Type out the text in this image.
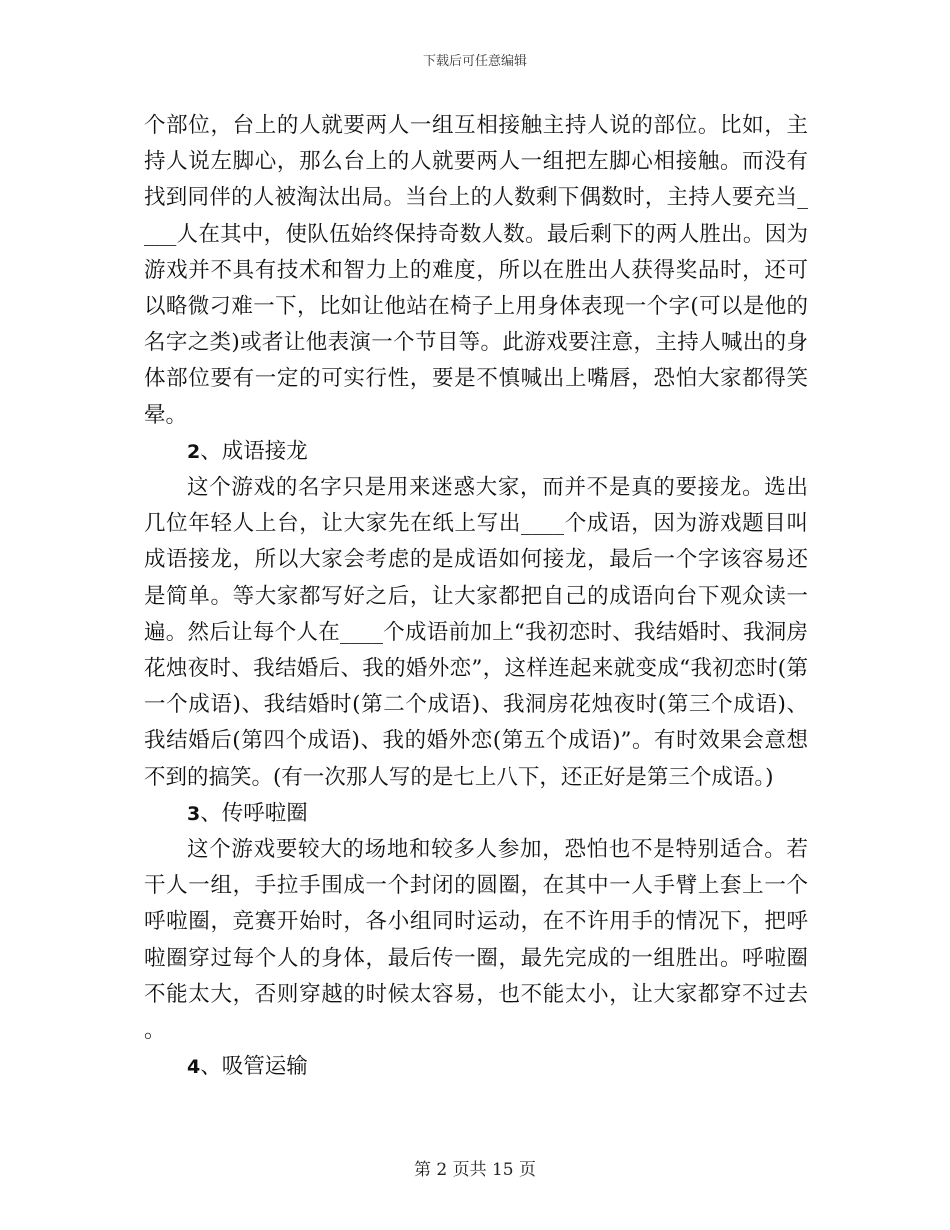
下载后可任意编辑

个部位，台上的人就要两人一组互相接触主持人说的部位。比如，主持人说左脚心，那么台上的人就要两人一组把左脚心相接触。而没有找到同伴的人被淘汰出局。当台上的人数剩下偶数时，主持人要充当____人在其中，使队伍始终保持奇数人数。最后剩下的两人胜出。因为游戏并不具有技术和智力上的难度，所以在胜出人获得奖品时，还可以略微刁难一下，比如让他站在椅子上用身体表现一个字(可以是他的名字之类)或者让他表演一个节目等。此游戏要注意，主持人喊出的身体部位要有一定的可实行性，要是不慎喊出上嘴唇，恐怕大家都得笑晕。

2、成语接龙

这个游戏的名字只是用来迷惑大家，而并不是真的要接龙。选出几位年轻人上台，让大家先在纸上写出____个成语，因为游戏题目叫成语接龙，所以大家会考虑的是成语如何接龙，最后一个字该容易还是简单。等大家都写好之后，让大家都把自己的成语向台下观众读一遍。然后让每个人在____个成语前加上“我初恋时、我结婚时、我洞房花烛夜时、我结婚后、我的婚外恋”，这样连起来就变成“我初恋时(第一个成语)、我结婚时(第二个成语)、我洞房花烛夜时(第三个成语)、我结婚后(第四个成语)、我的婚外恋(第五个成语)”。有时效果会意想不到的搞笑。(有一次那人写的是七上八下，还正好是第三个成语。)

3、传呼啦圈

这个游戏要较大的场地和较多人参加，恐怕也不是特别适合。若干人一组，手拉手围成一个封闭的圆圈，在其中一人手臂上套上一个呼啦圈，竞赛开始时，各小组同时运动，在不许用手的情况下，把呼啦圈穿过每个人的身体，最后传一圈，最先完成的一组胜出。呼啦圈不能太大，否则穿越的时候太容易，也不能太小，让大家都穿不过去。

4、吸管运输

第 2 页共 15 页
